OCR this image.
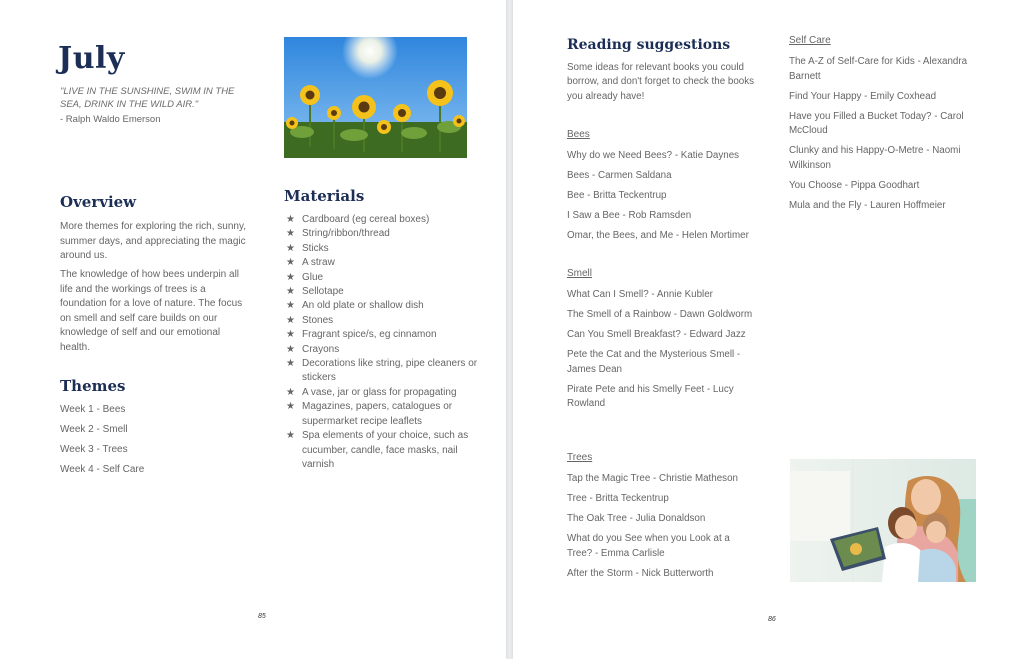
July
"LIVE IN THE SUNSHINE, SWIM IN THE SEA, DRINK IN THE WILD AIR."
- Ralph Waldo Emerson
Overview
More themes for exploring the rich, sunny, summer days, and appreciating the magic around us.
The knowledge of how bees underpin all life and the workings of trees is a foundation for a love of nature. The focus on smell and self care builds on our knowledge of self and our emotional health.
Themes
Week 1 - Bees
Week 2 - Smell
Week 3 - Trees
Week 4 - Self Care
Materials
★ Cardboard (eg cereal boxes)
★ String/ribbon/thread
★ Sticks
★ A straw
★ Glue
★ Sellotape
★ An old plate or shallow dish
★ Stones
★ Fragrant spice/s, eg cinnamon
★ Crayons
★ Decorations like string, pipe cleaners or stickers
★ A vase, jar or glass for propagating
★ Magazines, papers, catalogues or supermarket recipe leaflets
★ Spa elements of your choice, such as cucumber, candle, face masks, nail varnish
85
Reading suggestions
Some ideas for relevant books you could borrow, and don't forget to check the books you already have!
Bees
Why do we Need Bees? - Katie Daynes
Bees - Carmen Saldana
Bee - Britta Teckentrup
I Saw a Bee - Rob Ramsden
Omar, the Bees, and Me - Helen Mortimer
Smell
What Can I Smell? - Annie Kubler
The Smell of a Rainbow - Dawn Goldworm
Can You Smell Breakfast? - Edward Jazz
Pete the Cat and the Mysterious Smell - James Dean
Pirate Pete and his Smelly Feet - Lucy Rowland
Trees
Tap the Magic Tree - Christie Matheson
Tree - Britta Teckentrup
The Oak Tree - Julia Donaldson
What do you See when you Look at a Tree? - Emma Carlisle
After the Storm - Nick Butterworth
Self Care
The A-Z of Self-Care for Kids - Alexandra Barnett
Find Your Happy - Emily Coxhead
Have you Filled a Bucket Today? - Carol McCloud
Clunky and his Happy-O-Metre - Naomi Wilkinson
You Choose - Pippa Goodhart
Mula and the Fly - Lauren Hoffmeier
86
